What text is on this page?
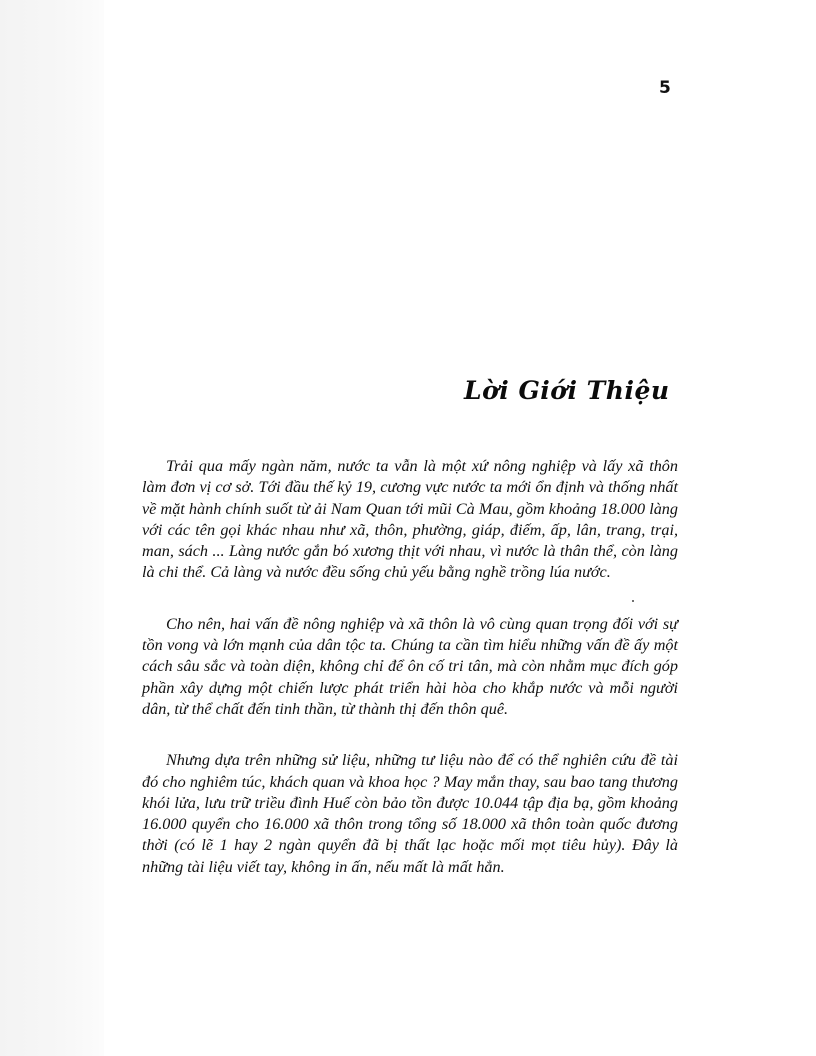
5
Lời Giới Thiệu

Trải qua mấy ngàn năm, nước ta vẫn là một xứ nông nghiệp và lấy xã thôn làm đơn vị cơ sở. Tới đầu thế kỷ 19, cương vực nước ta mới ổn định và thống nhất về mặt hành chính suốt từ ải Nam Quan tới mũi Cà Mau, gồm khoảng 18.000 làng với các tên gọi khác nhau như xã, thôn, phường, giáp, điếm, ấp, lân, trang, trại, man, sách ... Làng nước gắn bó xương thịt với nhau, vì nước là thân thể, còn làng là chi thể. Cả làng và nước đều sống chủ yếu bằng nghề trồng lúa nước.

Cho nên, hai vấn đề nông nghiệp và xã thôn là vô cùng quan trọng đối với sự tồn vong và lớn mạnh của dân tộc ta. Chúng ta cần tìm hiểu những vấn đề ấy một cách sâu sắc và toàn diện, không chỉ để ôn cố tri tân, mà còn nhằm mục đích góp phần xây dựng một chiến lược phát triển hài hòa cho khắp nước và mỗi người dân, từ thể chất đến tinh thần, từ thành thị đến thôn quê.

Nhưng dựa trên những sử liệu, những tư liệu nào để có thể nghiên cứu đề tài đó cho nghiêm túc, khách quan và khoa học ? May mắn thay, sau bao tang thương khói lửa, lưu trữ triều đình Huế còn bảo tồn được 10.044 tập địa bạ, gồm khoảng 16.000 quyển cho 16.000 xã thôn trong tổng số 18.000 xã thôn toàn quốc đương thời (có lẽ 1 hay 2 ngàn quyển đã bị thất lạc hoặc mối mọt tiêu hủy). Đây là những tài liệu viết tay, không in ấn, nếu mất là mất hẳn.
